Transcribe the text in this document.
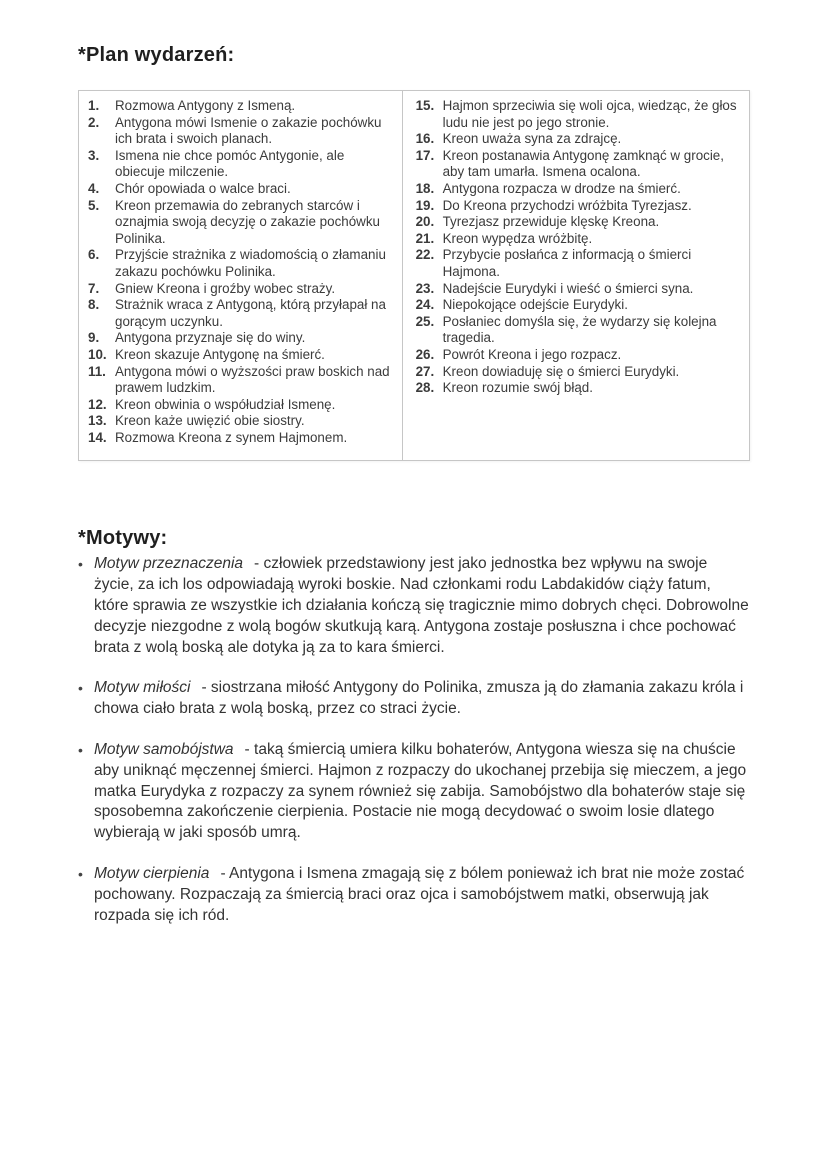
*Plan wydarzeń:
1.	Rozmowa Antygony z Ismeną.
2.	Antygona mówi Ismenie o zakazie pochówku ich brata i swoich planach.
3.	Ismena nie chce pomóc Antygonie, ale obiecuje milczenie.
4.	Chór opowiada o walce braci.
5.	Kreon przemawia do zebranych starców i oznajmia swoją decyzję o zakazie pochówku Polinika.
6.	Przyjście strażnika z wiadomością o złamaniu zakazu pochówku Polinika.
7.	Gniew Kreona i groźby wobec straży.
8.	Strażnik wraca z Antygoną, którą przyłapał na gorącym uczynku.
9.	Antygona przyznaje się do winy.
10. Kreon skazuje Antygonę na śmierć.
11. Antygona mówi o wyższości praw boskich nad prawem ludzkim.
12. Kreon obwinia o współudział Ismenę.
13. Kreon każe uwięzić obie siostry.
14. Rozmowa Kreona z synem Hajmonem.
15. Hajmon sprzeciwia się woli ojca, wiedząc, że głos ludu nie jest po jego stronie.
16. Kreon uważa syna za zdrajcę.
17. Kreon postanawia Antygonę zamknąć w grocie, aby tam umarła. Ismena ocalona.
18. Antygona rozpacza w drodze na śmierć.
19. Do Kreona przychodzi wróżbita Tyrezjasz.
20. Tyrezjasz przewiduje klęskę Kreona.
21. Kreon wypędza wróżbitę.
22. Przybycie posłańca z informacją o śmierci Hajmona.
23. Nadejście Eurydyki i wieść o śmierci syna.
24. Niepokojące odejście Eurydyki.
25. Posłaniec domyśla się, że wydarzy się kolejna tragedia.
26. Powrót Kreona i jego rozpacz.
27. Kreon dowiaduję się o śmierci Eurydyki.
28. Kreon rozumie swój błąd.
*Motywy:
• Motyw przeznaczenia - człowiek przedstawiony jest jako jednostka bez wpływu na swoje życie, za ich los odpowiadają wyroki boskie. Nad członkami rodu Labdakidów ciąży fatum, które sprawia ze wszystkie ich działania kończą się tragicznie mimo dobrych chęci. Dobrowolne decyzje niezgodne z wolą bogów skutkują karą. Antygona zostaje posłuszna i chce pochować brata z wolą boską ale dotyka ją za to kara śmierci.
• Motyw miłości - siostrzana miłość Antygony do Polinika, zmusza ją do złamania zakazu króla i chowa ciało brata z wolą boską, przez co straci życie.
• Motyw samobójstwa - taką śmiercią umiera kilku bohaterów, Antygona wiesza się na chuście aby uniknąć męczennej śmierci. Hajmon z rozpaczy do ukochanej przebija się mieczem, a jego matka Eurydyka z rozpaczy za synem również się zabija. Samobójstwo dla bohaterów staje się sposobemna zakończenie cierpienia. Postacie nie mogą decydować o swoim losie dlatego wybierają w jaki sposób umrą.
• Motyw cierpienia - Antygona i Ismena zmagają się z bólem ponieważ ich brat nie może zostać pochowany. Rozpaczają za śmiercią braci oraz ojca i samobójstwem matki, obserwują jak rozpada się ich ród.
